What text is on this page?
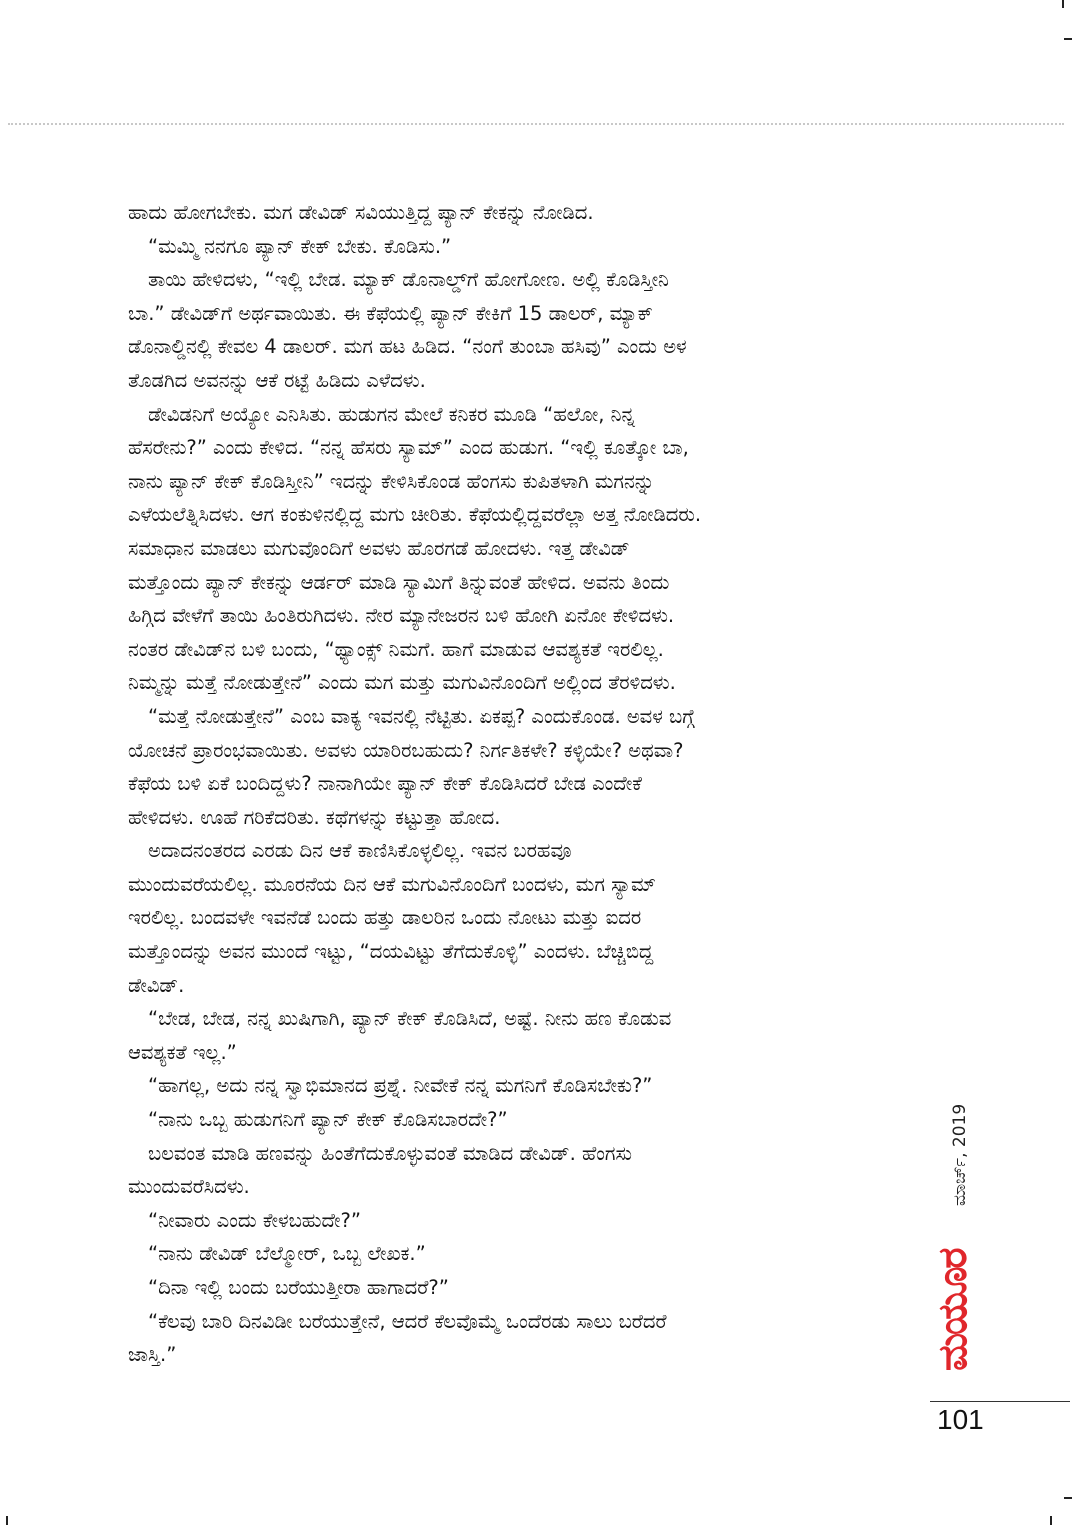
ಹಾದು ಹೋಗಬೇಕು. ಮಗ ಡೇವಿಡ್ ಸವಿಯುತ್ತಿದ್ದ ಪ್ಯಾನ್ ಕೇಕನ್ನು ನೋಡಿದ.

“ಮಮ್ಮಿ ನನಗೂ ಪ್ಯಾನ್ ಕೇಕ್ ಬೇಕು. ಕೊಡಿಸು.”

ತಾಯಿ ಹೇಳಿದಳು, “ಇಲ್ಲಿ ಬೇಡ. ಮ್ಯಾಕ್ ಡೊನಾಲ್ಡ್‌ಗೆ ಹೋಗೋಣ. ಅಲ್ಲಿ ಕೊಡಿಸ್ತೀನಿ

ಬಾ.” ಡೇವಿಡ್‌ಗೆ ಅರ್ಥವಾಯಿತು. ಈ ಕೆಫೆಯಲ್ಲಿ ಪ್ಯಾನ್ ಕೇಕಿಗೆ 15 ಡಾಲರ್, ಮ್ಯಾಕ್

ಡೊನಾಲ್ಡಿನಲ್ಲಿ ಕೇವಲ 4 ಡಾಲರ್. ಮಗ ಹಟ ಹಿಡಿದ. “ನಂಗೆ ತುಂಬಾ ಹಸಿವು” ಎಂದು ಅಳ

ತೊಡಗಿದ ಅವನನ್ನು ಆಕೆ ರಟ್ಟೆ ಹಿಡಿದು ಎಳೆದಳು.

ಡೇವಿಡನಿಗೆ ಅಯ್ಯೋ ಎನಿಸಿತು. ಹುಡುಗನ ಮೇಲೆ ಕನಿಕರ ಮೂಡಿ “ಹಲೋ, ನಿನ್ನ

ಹೆಸರೇನು?” ಎಂದು ಕೇಳಿದ. “ನನ್ನ ಹೆಸರು ಸ್ಯಾಮ್” ಎಂದ ಹುಡುಗ. “ಇಲ್ಲಿ ಕೂತ್ಕೋ ಬಾ,

ನಾನು ಪ್ಯಾನ್ ಕೇಕ್ ಕೊಡಿಸ್ತೀನಿ” ಇದನ್ನು ಕೇಳಿಸಿಕೊಂಡ ಹೆಂಗಸು ಕುಪಿತಳಾಗಿ ಮಗನನ್ನು

ಎಳೆಯಲೆತ್ನಿಸಿದಳು. ಆಗ ಕಂಕುಳಿನಲ್ಲಿದ್ದ ಮಗು ಚೀರಿತು. ಕೆಫೆಯಲ್ಲಿದ್ದವರೆಲ್ಲಾ ಅತ್ತ ನೋಡಿದರು.

ಸಮಾಧಾನ ಮಾಡಲು ಮಗುವೊಂದಿಗೆ ಅವಳು ಹೊರಗಡೆ ಹೋದಳು. ಇತ್ತ ಡೇವಿಡ್

ಮತ್ತೊಂದು ಪ್ಯಾನ್ ಕೇಕನ್ನು ಆರ್ಡರ್ ಮಾಡಿ ಸ್ಯಾಮಿಗೆ ತಿನ್ನುವಂತೆ ಹೇಳಿದ. ಅವನು ತಿಂದು

ಹಿಗ್ಗಿದ ವೇಳೆಗೆ ತಾಯಿ ಹಿಂತಿರುಗಿದಳು. ನೇರ ಮ್ಯಾನೇಜರನ ಬಳಿ ಹೋಗಿ ಏನೋ ಕೇಳಿದಳು.

ನಂತರ ಡೇವಿಡ್‌ನ ಬಳಿ ಬಂದು, “ಥ್ಯಾಂಕ್ಸ್ ನಿಮಗೆ. ಹಾಗೆ ಮಾಡುವ ಆವಶ್ಯಕತೆ ಇರಲಿಲ್ಲ.

ನಿಮ್ಮನ್ನು ಮತ್ತೆ ನೋಡುತ್ತೇನೆ” ಎಂದು ಮಗ ಮತ್ತು ಮಗುವಿನೊಂದಿಗೆ ಅಲ್ಲಿಂದ ತೆರಳಿದಳು.

“ಮತ್ತೆ ನೋಡುತ್ತೇನೆ” ಎಂಬ ವಾಕ್ಯ ಇವನಲ್ಲಿ ನೆಟ್ಟಿತು. ಏಕಪ್ಪ? ಎಂದುಕೊಂಡ. ಅವಳ ಬಗ್ಗೆ

ಯೋಚನೆ ಪ್ರಾರಂಭವಾಯಿತು. ಅವಳು ಯಾರಿರಬಹುದು? ನಿರ್ಗತಿಕಳೇ? ಕಳ್ಳಿಯೇ? ಅಥವಾ?

ಕೆಫೆಯ ಬಳಿ ಏಕೆ ಬಂದಿದ್ದಳು? ನಾನಾಗಿಯೇ ಪ್ಯಾನ್ ಕೇಕ್ ಕೊಡಿಸಿದರೆ ಬೇಡ ಎಂದೇಕೆ

ಹೇಳಿದಳು. ಊಹೆ ಗರಿಕೆದರಿತು. ಕಥೆಗಳನ್ನು ಕಟ್ಟುತ್ತಾ ಹೋದ.

ಅದಾದನಂತರದ ಎರಡು ದಿನ ಆಕೆ ಕಾಣಿಸಿಕೊಳ್ಳಲಿಲ್ಲ. ಇವನ ಬರಹವೂ

ಮುಂದುವರೆಯಲಿಲ್ಲ. ಮೂರನೆಯ ದಿನ ಆಕೆ ಮಗುವಿನೊಂದಿಗೆ ಬಂದಳು, ಮಗ ಸ್ಯಾಮ್

ಇರಲಿಲ್ಲ. ಬಂದವಳೇ ಇವನೆಡೆ ಬಂದು ಹತ್ತು ಡಾಲರಿನ ಒಂದು ನೋಟು ಮತ್ತು ಐದರ

ಮತ್ತೊಂದನ್ನು ಅವನ ಮುಂದೆ ಇಟ್ಟು, “ದಯವಿಟ್ಟು ತೆಗೆದುಕೊಳ್ಳಿ” ಎಂದಳು. ಬೆಚ್ಚಿಬಿದ್ದ

ಡೇವಿಡ್.

“ಬೇಡ, ಬೇಡ, ನನ್ನ ಖುಷಿಗಾಗಿ, ಪ್ಯಾನ್ ಕೇಕ್ ಕೊಡಿಸಿದೆ, ಅಷ್ಟೆ. ನೀನು ಹಣ ಕೊಡುವ

ಆವಶ್ಯಕತೆ ಇಲ್ಲ.”

“ಹಾಗಲ್ಲ, ಅದು ನನ್ನ ಸ್ವಾಭಿಮಾನದ ಪ್ರಶ್ನೆ. ನೀವೇಕೆ ನನ್ನ ಮಗನಿಗೆ ಕೊಡಿಸಬೇಕು?”

“ನಾನು ಒಬ್ಬ ಹುಡುಗನಿಗೆ ಪ್ಯಾನ್ ಕೇಕ್ ಕೊಡಿಸಬಾರದೇ?”

ಬಲವಂತ ಮಾಡಿ ಹಣವನ್ನು ಹಿಂತೆಗೆದುಕೊಳ್ಳುವಂತೆ ಮಾಡಿದ ಡೇವಿಡ್. ಹೆಂಗಸು

ಮುಂದುವರೆಸಿದಳು.

“ನೀವಾರು ಎಂದು ಕೇಳಬಹುದೇ?”

“ನಾನು ಡೇವಿಡ್ ಬೆಲ್ಮೋರ್, ಒಬ್ಬ ಲೇಖಕ.”

“ದಿನಾ ಇಲ್ಲಿ ಬಂದು ಬರೆಯುತ್ತೀರಾ ಹಾಗಾದರೆ?”

“ಕೆಲವು ಬಾರಿ ದಿನವಿಡೀ ಬರೆಯುತ್ತೇನೆ, ಆದರೆ ಕೆಲವೊಮ್ಮೆ ಒಂದೆರಡು ಸಾಲು ಬರೆದರೆ

ಜಾಸ್ತಿ.”

ಮಾರ್ಚ್, 2019
ಮಯೂರ
101
